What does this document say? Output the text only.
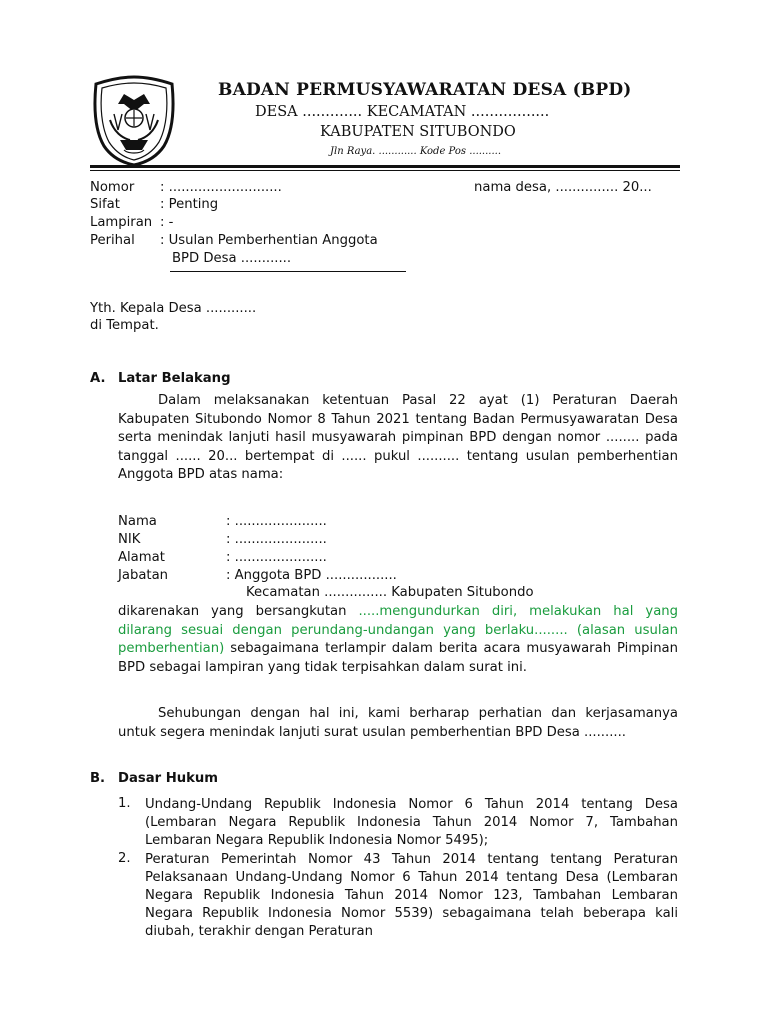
BADAN PERMUSYAWARATAN DESA (BPD)
DESA ............. KECAMATAN .................
KABUPATEN SITUBONDO
Jln Raya. ............ Kode Pos ..........
Nomor : ...........................	nama desa, ............... 20...
Sifat	: Penting
Lampiran : -
Perihal : Usulan Pemberhentian Anggota
BPD Desa ............
Yth. Kepala Desa ............
di Tempat.
A. Latar Belakang
Dalam melaksanakan ketentuan Pasal 22 ayat (1) Peraturan Daerah Kabupaten Situbondo Nomor 8 Tahun 2021 tentang Badan Permusyawaratan Desa serta menindak lanjuti hasil musyawarah pimpinan BPD dengan nomor ........ pada tanggal ...... 20... bertempat di ...... pukul .......... tentang usulan pemberhentian Anggota BPD atas nama:
Nama	: ......................
NIK	: ......................
Alamat	: ......................
Jabatan	: Anggota BPD .................
Kecamatan ............... Kabupaten Situbondo
dikarenakan yang bersangkutan .....mengundurkan diri, melakukan hal yang dilarang sesuai dengan perundang-undangan yang berlaku........ (alasan usulan pemberhentian) sebagaimana terlampir dalam berita acara musyawarah Pimpinan BPD sebagai lampiran yang tidak terpisahkan dalam surat ini.
Sehubungan dengan hal ini, kami berharap perhatian dan kerjasamanya untuk segera menindak lanjuti surat usulan pemberhentian BPD Desa ..........
B. Dasar Hukum
1. Undang-Undang Republik Indonesia Nomor 6 Tahun 2014 tentang Desa (Lembaran Negara Republik Indonesia Tahun 2014 Nomor 7, Tambahan Lembaran Negara Republik Indonesia Nomor 5495);
2. Peraturan Pemerintah Nomor 43 Tahun 2014 tentang tentang Peraturan Pelaksanaan Undang-Undang Nomor 6 Tahun 2014 tentang Desa (Lembaran Negara Republik Indonesia Tahun 2014 Nomor 123, Tambahan Lembaran Negara Republik Indonesia Nomor 5539) sebagaimana telah beberapa kali diubah, terakhir dengan Peraturan
